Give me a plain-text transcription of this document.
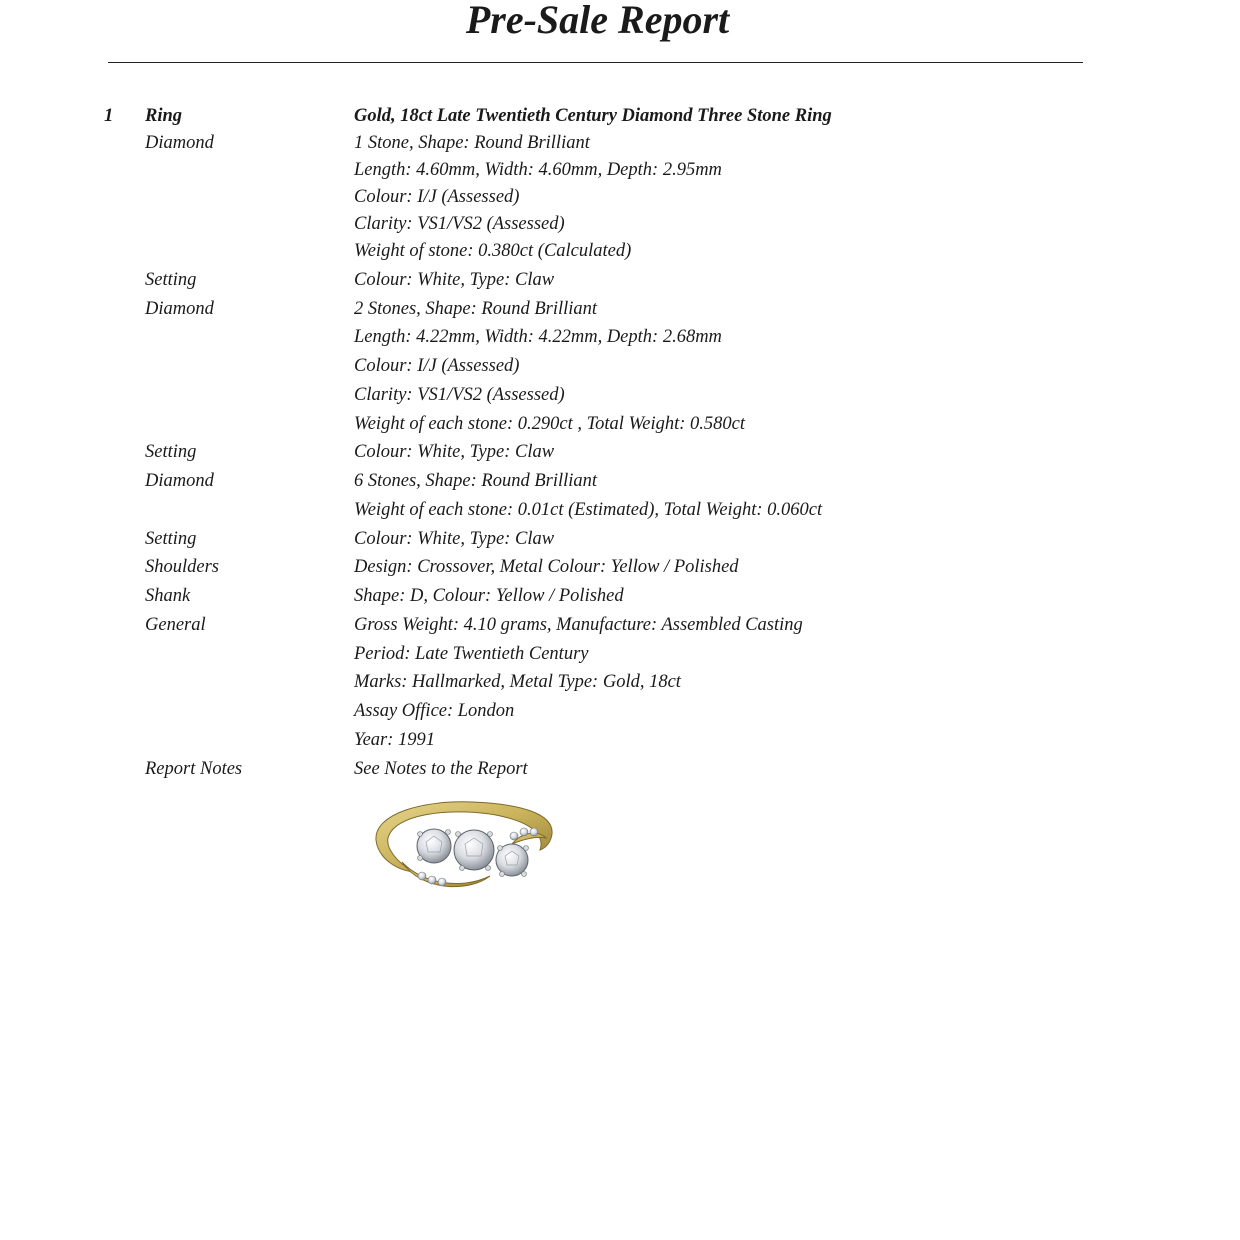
Pre-Sale Report
1 Ring	Gold, 18ct Late Twentieth Century Diamond Three Stone Ring
Diamond	1 Stone, Shape: Round Brilliant
Length: 4.60mm, Width: 4.60mm, Depth: 2.95mm
Colour: I/J (Assessed)
Clarity: VS1/VS2 (Assessed)
Weight of stone: 0.380ct (Calculated)
Setting	Colour: White, Type: Claw
Diamond	2 Stones, Shape: Round Brilliant
Length: 4.22mm, Width: 4.22mm, Depth: 2.68mm
Colour: I/J (Assessed)
Clarity: VS1/VS2 (Assessed)
Weight of each stone: 0.290ct , Total Weight: 0.580ct
Setting	Colour: White, Type: Claw
Diamond	6 Stones, Shape: Round Brilliant
Weight of each stone: 0.01ct (Estimated), Total Weight: 0.060ct
Setting	Colour: White, Type: Claw
Shoulders	Design: Crossover, Metal Colour: Yellow / Polished
Shank	Shape: D, Colour: Yellow / Polished
General	Gross Weight: 4.10 grams, Manufacture: Assembled Casting
Period: Late Twentieth Century
Marks: Hallmarked, Metal Type: Gold, 18ct
Assay Office: London
Year: 1991
Report Notes	See Notes to the Report
